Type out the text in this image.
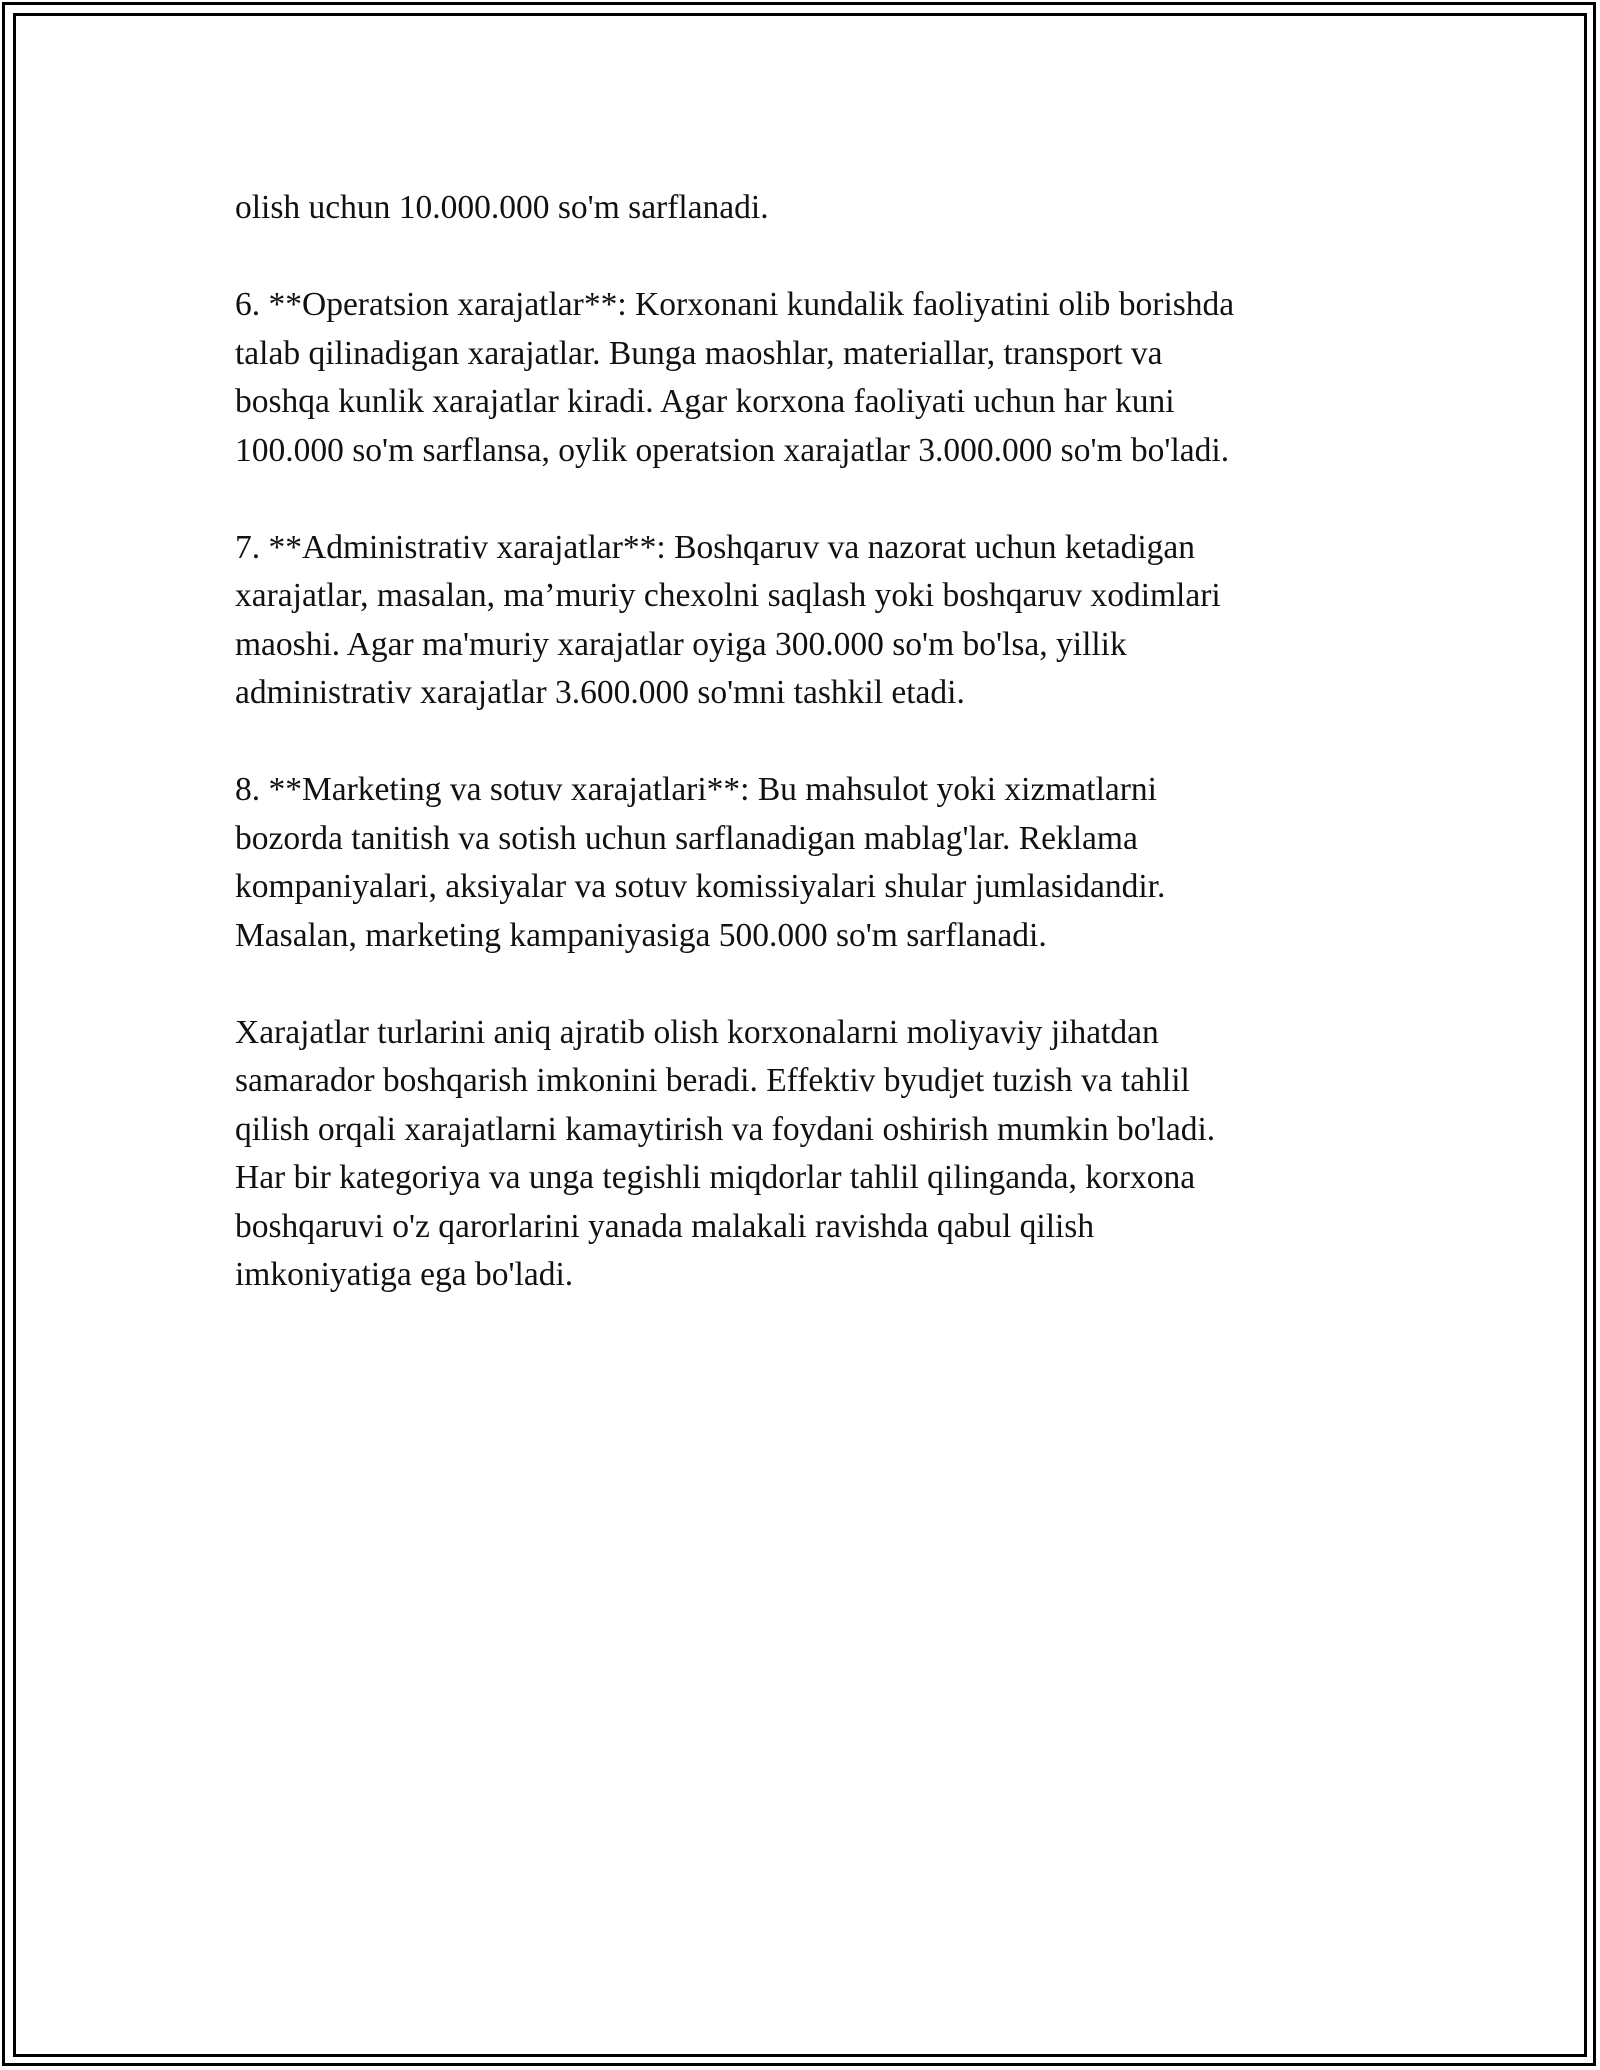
olish uchun 10.000.000 so'm sarflanadi.

6. **Operatsion xarajatlar**: Korxonani kundalik faoliyatini olib borishda
talab qilinadigan xarajatlar. Bunga maoshlar, materiallar, transport va
boshqa kunlik xarajatlar kiradi. Agar korxona faoliyati uchun har kuni
100.000 so'm sarflansa, oylik operatsion xarajatlar 3.000.000 so'm bo'ladi.

7. **Administrativ xarajatlar**: Boshqaruv va nazorat uchun ketadigan
xarajatlar, masalan, ma’muriy chexolni saqlash yoki boshqaruv xodimlari
maoshi. Agar ma'muriy xarajatlar oyiga 300.000 so'm bo'lsa, yillik
administrativ xarajatlar 3.600.000 so'mni tashkil etadi.

8. **Marketing va sotuv xarajatlari**: Bu mahsulot yoki xizmatlarni
bozorda tanitish va sotish uchun sarflanadigan mablag'lar. Reklama
kompaniyalari, aksiyalar va sotuv komissiyalari shular jumlasidandir.
Masalan, marketing kampaniyasiga 500.000 so'm sarflanadi.

Xarajatlar turlarini aniq ajratib olish korxonalarni moliyaviy jihatdan
samarador boshqarish imkonini beradi. Effektiv byudjet tuzish va tahlil
qilish orqali xarajatlarni kamaytirish va foydani oshirish mumkin bo'ladi.
Har bir kategoriya va unga tegishli miqdorlar tahlil qilinganda, korxona
boshqaruvi o'z qarorlarini yanada malakali ravishda qabul qilish
imkoniyatiga ega bo'ladi.
